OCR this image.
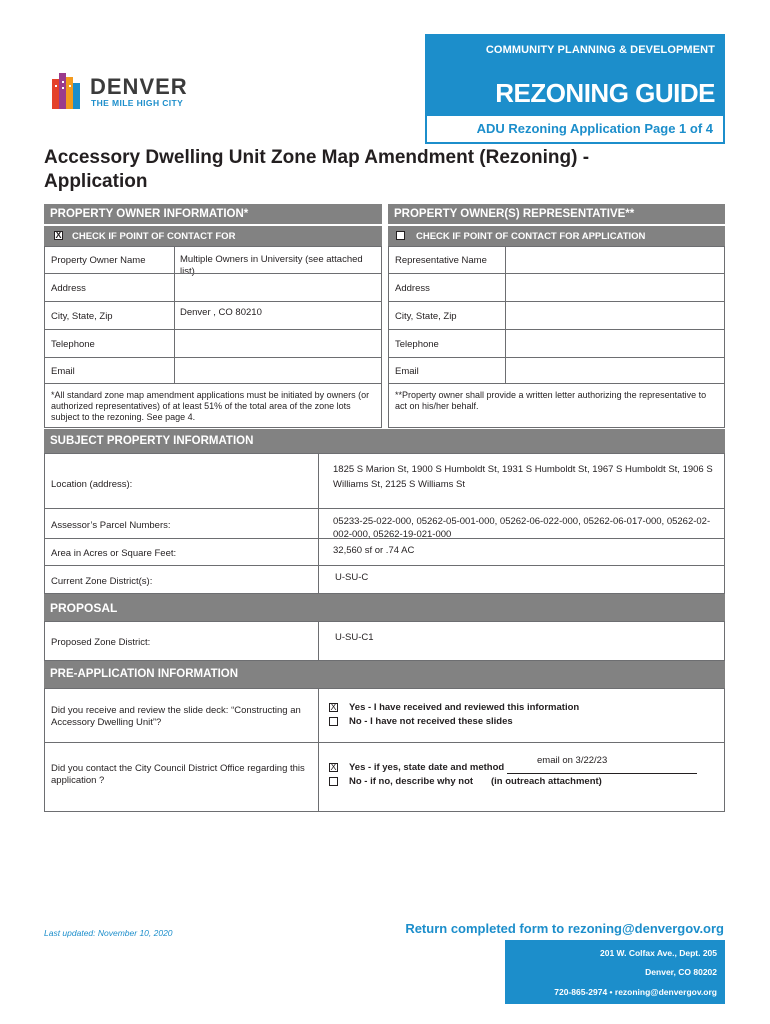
DENVER
THE MILE HIGH CITY
COMMUNITY PLANNING & DEVELOPMENT
REZONING GUIDE
ADU Rezoning Application Page 1 of 4
Accessory Dwelling Unit Zone Map Amendment (Rezoning) - Application
PROPERTY OWNER INFORMATION*	PROPERTY OWNER(S) REPRESENTATIVE**
X CHECK IF POINT OF CONTACT FOR	CHECK IF POINT OF CONTACT FOR APPLICATION
Property Owner Name	Multiple Owners in University (see attached list)
Address
City, State, Zip	Denver , CO 80210
Telephone
Email
*All standard zone map amendment applications must be initiated by owners (or authorized representatives) of at least 51% of the total area of the zone lots subject to the rezoning. See page 4.
Representative Name
Address
City, State, Zip
Telephone
Email
**Property owner shall provide a written letter authorizing the representative to act on his/her behalf.
SUBJECT PROPERTY INFORMATION
Location (address):
1825 S Marion St, 1900 S Humboldt St, 1931 S Humboldt St, 1967 S Humboldt St, 1906 S Williams St, 2125 S Williams St
Assessor’s Parcel Numbers:	05233-25-022-000, 05262-05-001-000, 05262-06-022-000, 05262-06-017-000, 05262-02-002-000, 05262-19-021-000
Area in Acres or Square Feet:	32,560 sf or .74 AC
Current Zone District(s):	U-SU-C
PROPOSAL
Proposed Zone District:	U-SU-C1
PRE-APPLICATION INFORMATION
Did you receive and review the slide deck: “Constructing an Accessory Dwelling Unit”?
X Yes - I have received and reviewed this information
No - I have not received these slides
Did you contact the City Council District Office regarding this application ?
X Yes - if yes, state date and method
email on 3/22/23
No - if no, describe why not (in outreach attachment)
Last updated: November 10, 2020	Return completed form to rezoning@denvergov.org
201 W. Colfax Ave., Dept. 205
Denver, CO 80202
720-865-2974 • rezoning@denvergov.org
